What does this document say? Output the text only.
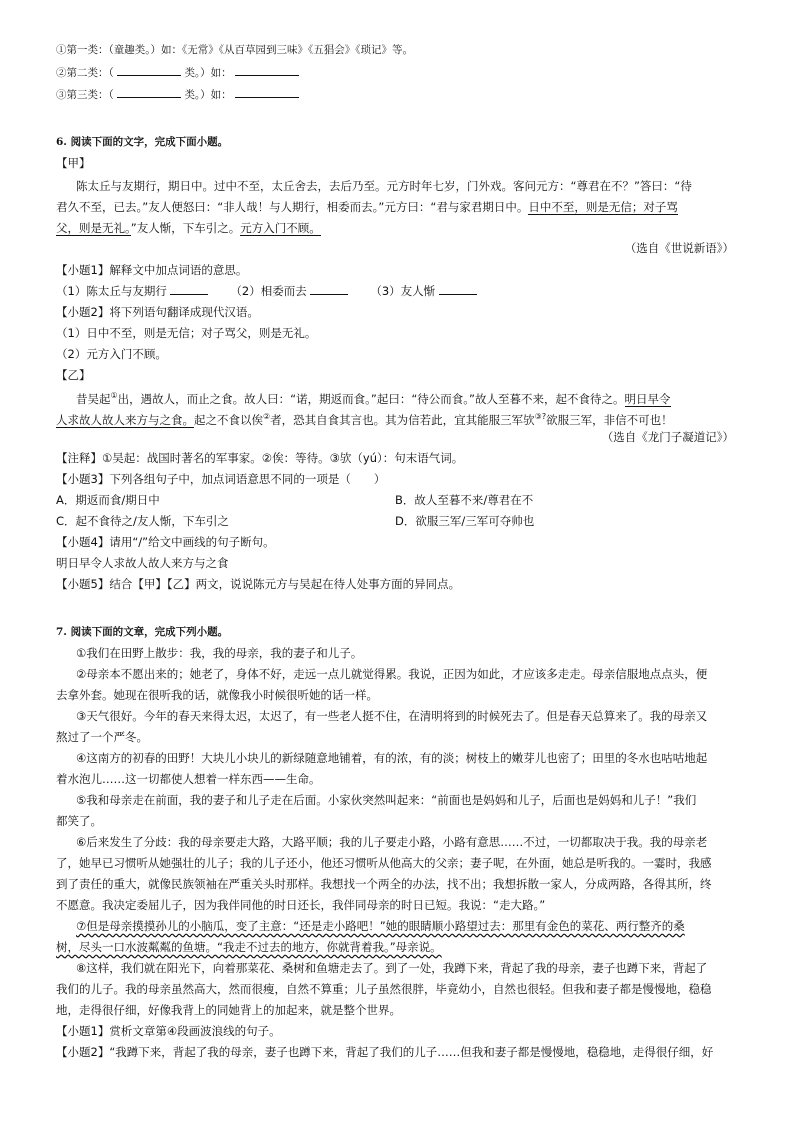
①第一类：（童趣类。）如：《无常》《从百草园到三味》《五猖会》《琐记》等。
②第二类：（	类。）如：
③第三类：（	类。）如：
6. 阅读下面的文字，完成下面小题。
【甲】
陈太丘与友期行，期日中。过中不至，太丘舍去，去后乃至。元方时年七岁，门外戏。客问元方：“尊君在不？”答曰：“待
君久不至，已去。”友人便怒曰：“非人哉！与人期行，相委而去。”元方曰：“君与家君期日中。日中不至，则是无信；对子骂
父，则是无礼。”友人惭，下车引之。元方入门不顾。
（选自《世说新语》）
【小题1】解释文中加点词语的意思。
（1）陈太丘与友期行	（2）相委而去	（3）友人惭
【小题2】将下列语句翻译成现代汉语。
（1）日中不至，则是无信；对子骂父，则是无礼。
（2）元方入门不顾。
【乙】
昔吴起①出，遇故人，而止之食。故人曰：“诺，期返而食。”起曰：“待公而食。”故人至暮不来，起不食待之。明日早令
人求故人故人来方与之食。起之不食以俟②者，恐其自食其言也。其为信若此，宜其能服三军欤③?欲服三军，非信不可也！
（选自《龙门子凝道记》）
【注释】①吴起：战国时著名的军事家。②俟：等待。③欤（yú）：句末语气词。
【小题3】下列各组句子中，加点词语意思不同的一项是（　　）
A．期返而食/期日中	B．故人至暮不来/尊君在不
C．起不食待之/友人惭，下车引之	D．欲服三军/三军可夺帅也
【小题4】请用“/”给文中画线的句子断句。
明日早令人求故人故人来方与之食
【小题5】结合【甲】【乙】两文，说说陈元方与吴起在待人处事方面的异同点。
7. 阅读下面的文章，完成下列小题。
①我们在田野上散步：我，我的母亲，我的妻子和儿子。
②母亲本不愿出来的；她老了，身体不好，走远一点儿就觉得累。我说，正因为如此，才应该多走走。母亲信服地点点头，便
去拿外套。她现在很听我的话，就像我小时候很听她的话一样。
③天气很好。今年的春天来得太迟，太迟了，有一些老人挺不住，在清明将到的时候死去了。但是春天总算来了。我的母亲又
熬过了一个严冬。
④这南方的初春的田野！大块儿小块儿的新绿随意地铺着，有的浓，有的淡；树枝上的嫩芽儿也密了；田里的冬水也咕咕地起
着水泡儿……这一切都使人想着一样东西——生命。
⑤我和母亲走在前面，我的妻子和儿子走在后面。小家伙突然叫起来：“前面也是妈妈和儿子，后面也是妈妈和儿子！”我们
都笑了。
⑥后来发生了分歧：我的母亲要走大路，大路平顺；我的儿子要走小路，小路有意思……不过，一切都取决于我。我的母亲老
了，她早已习惯听从她强壮的儿子；我的儿子还小，他还习惯听从他高大的父亲；妻子呢，在外面，她总是听我的。一霎时，我感
到了责任的重大，就像民族领袖在严重关头时那样。我想找一个两全的办法，找不出；我想拆散一家人，分成两路，各得其所，终
不愿意。我决定委屈儿子，因为我伴同他的时日还长，我伴同母亲的时日已短。我说：“走大路。”
⑦但是母亲摸摸孙儿的小脑瓜，变了主意：“还是走小路吧！”她的眼睛顺小路望过去：那里有金色的菜花、两行整齐的桑
树，尽头一口水波粼粼的鱼塘。“我走不过去的地方，你就背着我。”母亲说。
⑧这样，我们就在阳光下，向着那菜花、桑树和鱼塘走去了。到了一处，我蹲下来，背起了我的母亲，妻子也蹲下来，背起了
我们的儿子。我的母亲虽然高大，然而很瘦，自然不算重；儿子虽然很胖，毕竟幼小，自然也很轻。但我和妻子都是慢慢地，稳稳
地，走得很仔细，好像我背上的同她背上的加起来，就是整个世界。
【小题1】赏析文章第④段画波浪线的句子。
【小题2】“我蹲下来，背起了我的母亲，妻子也蹲下来，背起了我们的儿子……但我和妻子都是慢慢地，稳稳地，走得很仔细，好
